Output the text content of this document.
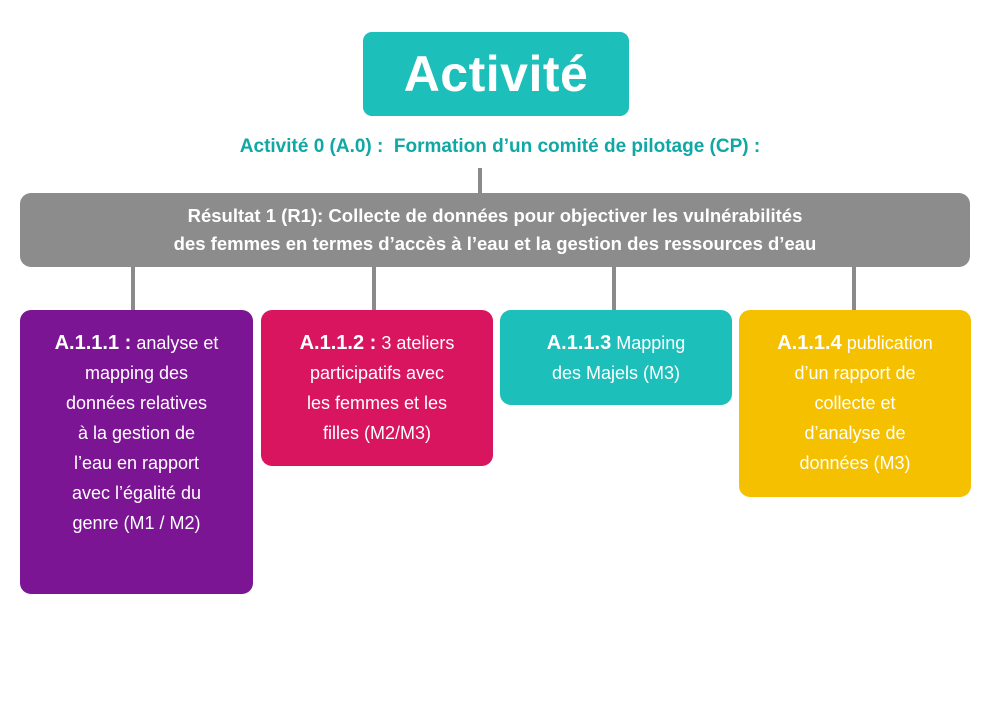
Activité
Activité 0 (A.0) :  Formation d’un comité de pilotage (CP) :
Résultat 1 (R1): Collecte de données pour objectiver les vulnérabilités
des femmes en termes d’accès à l’eau et la gestion des ressources d’eau
A.1.1.1 : analyse et
mapping des
données relatives
à la gestion de
l’eau en rapport
avec l’égalité du
genre (M1 / M2)
A.1.1.2 : 3 ateliers
participatifs avec
les femmes et les
filles (M2/M3)
A.1.1.3 Mapping
des Majels (M3)
A.1.1.4 publication
d’un rapport de
collecte et
d’analyse de
données (M3)
